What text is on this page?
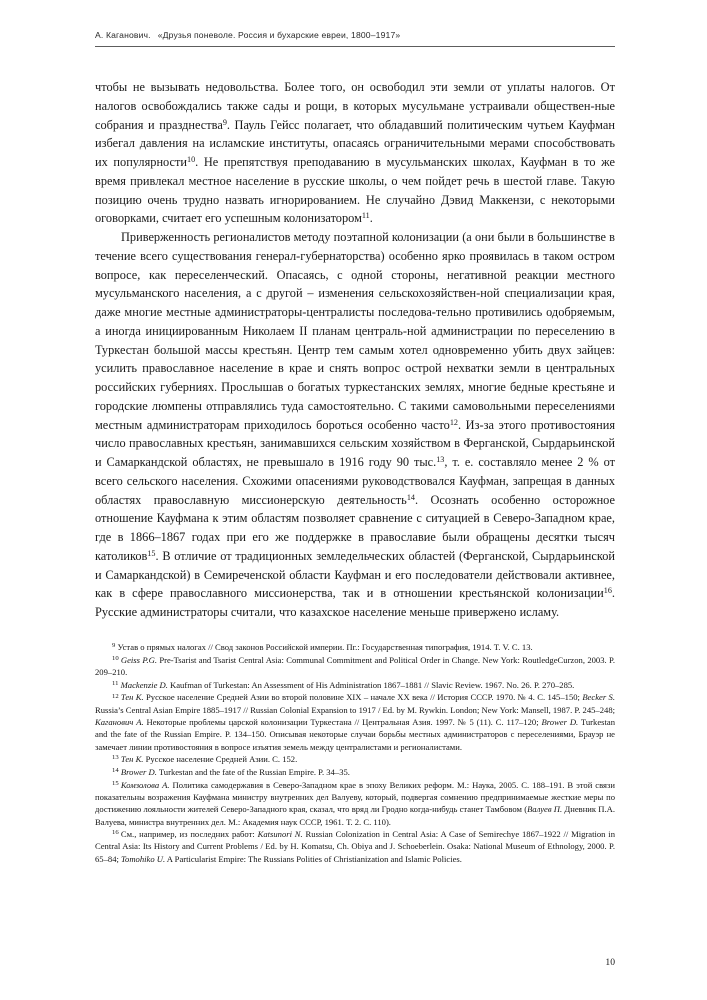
А. Каганович. «Друзья поневоле. Россия и бухарские евреи, 1800–1917»

чтобы не вызывать недовольства. Более того, он освободил эти земли от уплаты налогов. От налогов освобождались также сады и рощи, в которых мусульмане устраивали обществен-ные собрания и празднества$^9$. Пауль Гейсс полагает, что обладавший политическим чутьем Кауфман избегал давления на исламские институты, опасаясь ограничительными мерами способствовать их популярности$^{10}$. Не препятствуя преподаванию в мусульманских школах, Кауфман в то же время привлекал местное население в русские школы, о чем пойдет речь в шестой главе. Такую позицию очень трудно назвать игнорированием. Не случайно Дэвид Маккензи, с некоторыми оговорками, считает его успешным колонизатором$^{11}$.

Приверженность регионалистов методу поэтапной колонизации (а они были в большинстве в течение всего существования генерал-губернаторства) особенно ярко проявилась в таком остром вопросе, как переселенческий. Опасаясь, с одной стороны, негативной реакции местного мусульманского населения, а с другой – изменения сельскохозяйствен-ной специализации края, даже многие местные администраторы-централисты последова-тельно противились одобряемым, а иногда инициированным Николаем II планам централь-ной администрации по переселению в Туркестан большой массы крестьян. Центр тем самым хотел одновременно убить двух зайцев: усилить православное население в крае и снять вопрос острой нехватки земли в центральных российских губерниях. Прослышав о богатых туркестанских землях, многие бедные крестьяне и городские люмпены отправлялись туда самостоятельно. С такими самовольными переселениями местным администраторам приходилось бороться особенно часто$^{12}$. Из-за этого противостояния число православных крестьян, занимавшихся сельским хозяйством в Ферганской, Сырдарьинской и Самаркандской областях, не превышало в 1916 году 90 тыс.$^{13}$, т. е. составляло менее 2 % от всего сельского населения. Схожими опасениями руководствовался Кауфман, запрещая в данных областях православную миссионерскую деятельность$^{14}$. Осознать особенно осторожное отношение Кауфмана к этим областям позволяет сравнение с ситуацией в Северо-Западном крае, где в 1866–1867 годах при его же поддержке в православие были обращены десятки тысяч католиков$^{15}$. В отличие от традиционных земледельческих областей (Ферганской, Сырдарьинской и Самаркандской) в Семиреченской области Кауфман и его последователи действовали активнее, как в сфере православного миссионерства, так и в отношении крестьянской колонизации$^{16}$. Русские администраторы считали, что казахское население меньше привержено исламу.

$^9$ Устав о прямых налогах // Свод законов Российской империи. Пг.: Государственная типография, 1914. Т. V. С. 13.

$^{10}$ Geiss P.G. Pre-Tsarist and Tsarist Central Asia: Communal Commitment and Political Order in Change. New York: RoutledgeCurzon, 2003. P. 209–210.

$^{11}$ Mackenzie D. Kaufman of Turkestan: An Assessment of His Administration 1867–1881 // Slavic Review. 1967. No. 26. P. 270–285.

$^{12}$ Тен К. Русское население Средней Азии во второй половине XIX – начале XX века // История СССР. 1970. № 4. С. 145–150; Becker S. Russia’s Central Asian Empire 1885–1917 // Russian Colonial Expansion to 1917 / Ed. by M. Rywkin. London; New York: Mansell, 1987. P. 245–248; Каганович А. Некоторые проблемы царской колонизации Туркестана // Центральная Азия. 1997. № 5 (11). С. 117–120; Brower D. Turkestan and the fate of the Russian Empire. P. 134–150. Описывая некоторые случаи борьбы местных администраторов с переселениями, Брауэр не замечает линии противостояния в вопросе изъятия земель между централистами и регионалистами.

$^{13}$ Тен К. Русское население Средней Азии. С. 152.

$^{14}$ Brower D. Turkestan and the fate of the Russian Empire. P. 34–35.

$^{15}$ Комзолова А. Политика самодержавия в Северо-Западном крае в эпоху Великих реформ. М.: Наука, 2005. С. 188–191. В этой связи показательны возражения Кауфмана министру внутренних дел Валуеву, который, подвергая сомнению предпринимаемые жесткие меры по достижению лояльности жителей Северо-Западного края, сказал, что вряд ли Гродно когда-нибудь станет Тамбовом (Валуев П. Дневник П.А. Валуева, министра внутренних дел. М.: Академия наук СССР, 1961. Т. 2. С. 110).

$^{16}$ См., например, из последних работ: Katsunori N. Russian Colonization in Central Asia: A Case of Semirechye 1867–1922 // Migration in Central Asia: Its History and Current Problems / Ed. by H. Komatsu, Ch. Obiya and J. Schoeberlein. Osaka: National Museum of Ethnology, 2000. P. 65–84; Tomohiko U. A Particularist Empire: The Russians Polities of Christianization and Islamic Policies.

10
